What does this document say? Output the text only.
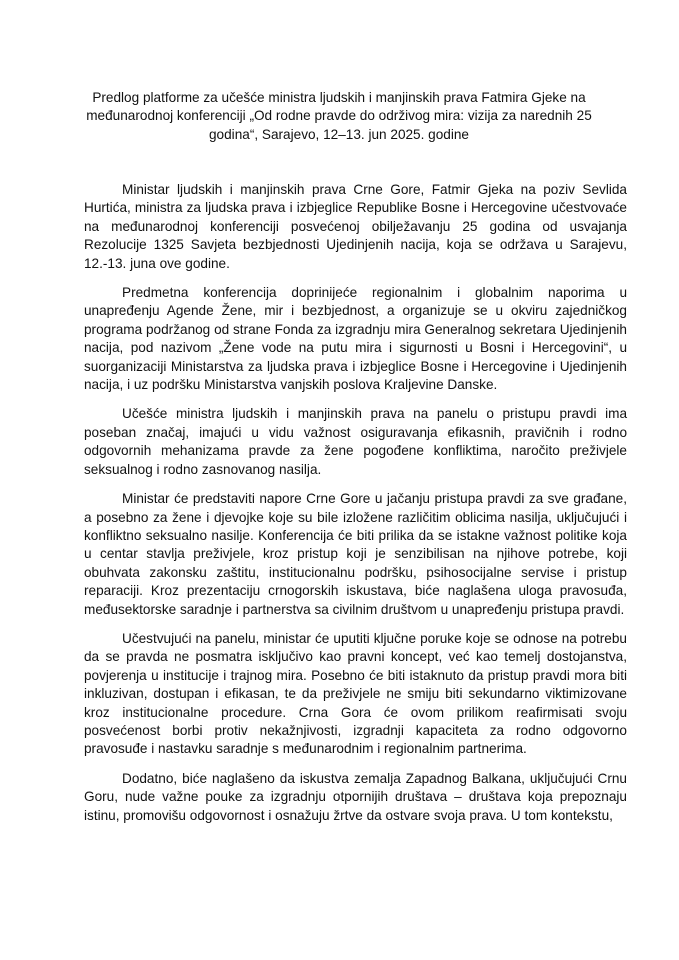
Predlog platforme za učešće ministra ljudskih i manjinskih prava Fatmira Gjeke na međunarodnoj konferenciji „Od rodne pravde do održivog mira: vizija za narednih 25 godina“, Sarajevo, 12–13. jun 2025. godine

Ministar ljudskih i manjinskih prava Crne Gore, Fatmir Gjeka na poziv Sevlida Hurtića, ministra za ljudska prava i izbjeglice Republike Bosne i Hercegovine učestvovaće na međunarodnoj konferenciji posvećenoj obilježavanju 25 godina od usvajanja Rezolucije 1325 Savjeta bezbjednosti Ujedinjenih nacija, koja se održava u Sarajevu, 12.-13. juna ove godine.

Predmetna konferencija doprinijeće regionalnim i globalnim naporima u unapređenju Agende Žene, mir i bezbjednost, a organizuje se u okviru zajedničkog programa podržanog od strane Fonda za izgradnju mira Generalnog sekretara Ujedinjenih nacija, pod nazivom „Žene vode na putu mira i sigurnosti u Bosni i Hercegovini“, u suorganizaciji Ministarstva za ljudska prava i izbjeglice Bosne i Hercegovine i Ujedinjenih nacija, i uz podršku Ministarstva vanjskih poslova Kraljevine Danske.

Učešće ministra ljudskih i manjinskih prava na panelu o pristupu pravdi ima poseban značaj, imajući u vidu važnost osiguravanja efikasnih, pravičnih i rodno odgovornih mehanizama pravde za žene pogođene konfliktima, naročito preživjele seksualnog i rodno zasnovanog nasilja.

Ministar će predstaviti napore Crne Gore u jačanju pristupa pravdi za sve građane, a posebno za žene i djevojke koje su bile izložene različitim oblicima nasilja, uključujući i konfliktno seksualno nasilje. Konferencija će biti prilika da se istakne važnost politike koja u centar stavlja preživjele, kroz pristup koji je senzibilisan na njihove potrebe, koji obuhvata zakonsku zaštitu, institucionalnu podršku, psihosocijalne servise i pristup reparaciji. Kroz prezentaciju crnogorskih iskustava, biće naglašena uloga pravosuđa, međusektorske saradnje i partnerstva sa civilnim društvom u unapređenju pristupa pravdi.

Učestvujući na panelu, ministar će uputiti ključne poruke koje se odnose na potrebu da se pravda ne posmatra isključivo kao pravni koncept, već kao temelj dostojanstva, povjerenja u institucije i trajnog mira. Posebno će biti istaknuto da pristup pravdi mora biti inkluzivan, dostupan i efikasan, te da preživjele ne smiju biti sekundarno viktimizovane kroz institucionalne procedure. Crna Gora će ovom prilikom reafirmisati svoju posvećenost borbi protiv nekažnjivosti, izgradnji kapaciteta za rodno odgovorno pravosuđe i nastavku saradnje s međunarodnim i regionalnim partnerima.

Dodatno, biće naglašeno da iskustva zemalja Zapadnog Balkana, uključujući Crnu Goru, nude važne pouke za izgradnju otpornijih društava – društava koja prepoznaju istinu, promovišu odgovornost i osnažuju žrtve da ostvare svoja prava. U tom kontekstu,
